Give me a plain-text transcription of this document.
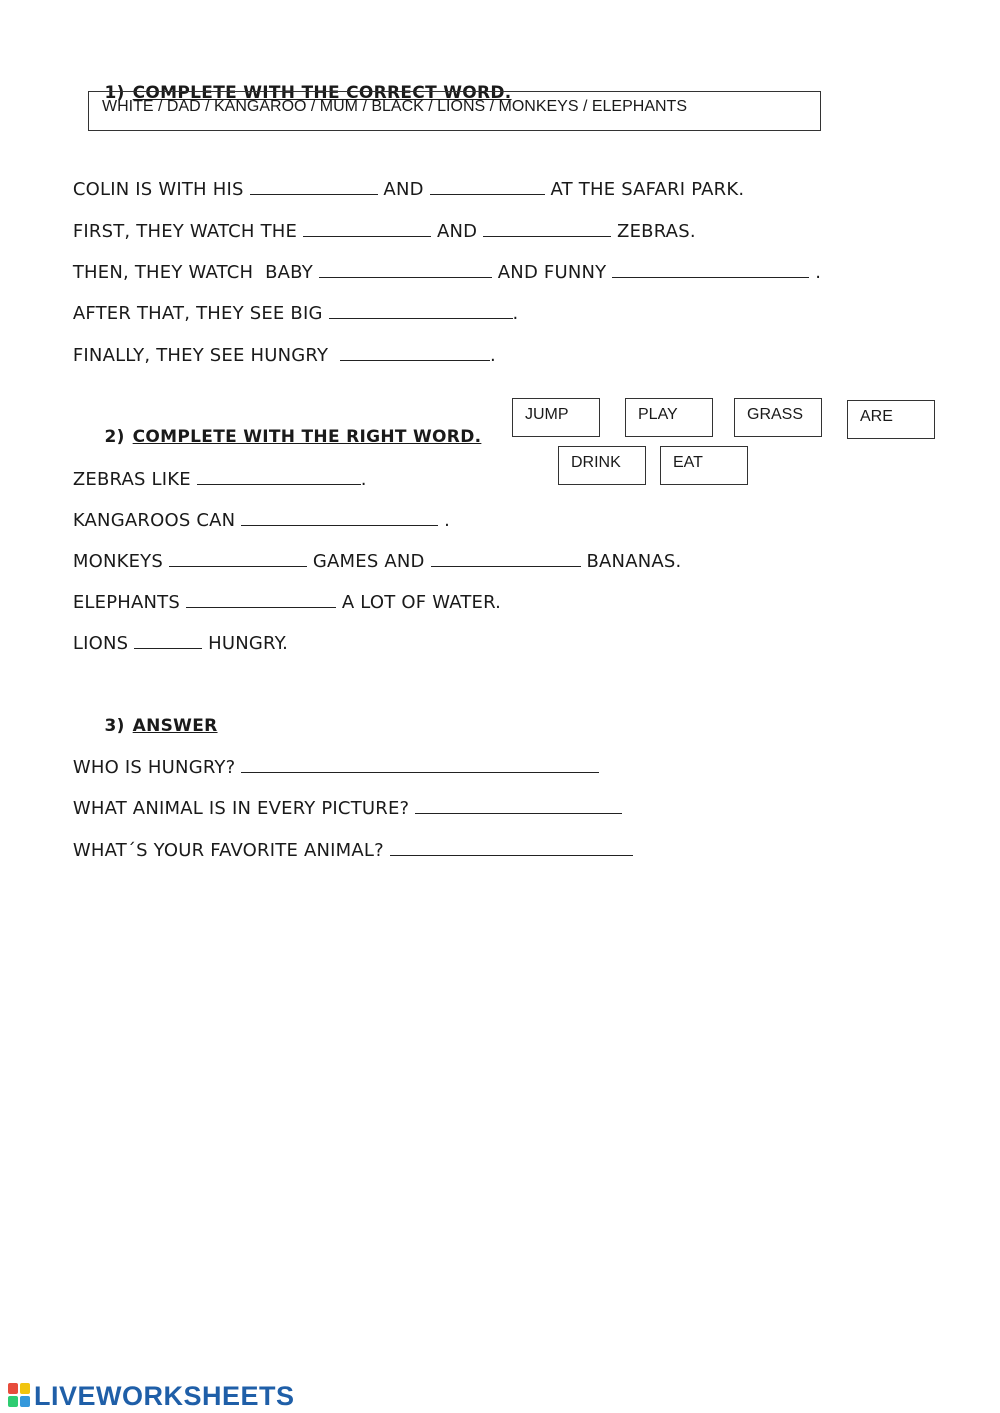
1) COMPLETE WITH THE CORRECT WORD.

WHITE / DAD / KANGAROO / MUM / BLACK / LIONS / MONKEYS / ELEPHANTS

COLIN IS WITH HIS	AND	AT THE SAFARI PARK.

FIRST, THEY WATCH THE	AND	ZEBRAS.

THEN, THEY WATCH  BABY	AND FUNNY	.

AFTER THAT, THEY SEE BIG	.

FINALLY, THEY SEE HUNGRY	.

2) COMPLETE WITH THE RIGHT WORD.

JUMP	PLAY	GRASS	ARE
DRINK	EAT

ZEBRAS LIKE	.

KANGAROOS CAN	.

MONKEYS	GAMES AND	BANANAS.

ELEPHANTS	A LOT OF WATER.

LIONS	HUNGRY.

3) ANSWER

WHO IS HUNGRY?

WHAT ANIMAL IS IN EVERY PICTURE?

WHAT´S YOUR FAVORITE ANIMAL?

LIVEWORKSHEETS
